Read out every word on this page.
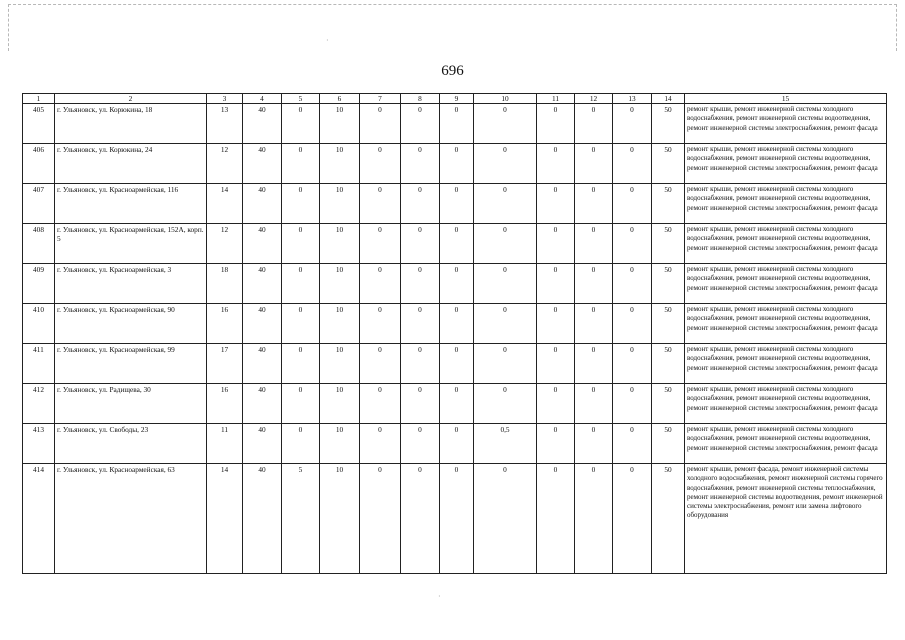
·
·
696
1	2	3	4	5	6	7	8	9	10	11	12	13	14	15
405	г. Ульяновск, ул. Корюкина, 18	13	40	0	10	0	0	0	0	0	0	0	50	ремонт крыши, ремонт инженерной системы холодного водоснабжения, ремонт инженерной системы водоотведения, ремонт инженерной системы электроснабжения, ремонт фасада
406	г. Ульяновск, ул. Корюкина, 24	12	40	0	10	0	0	0	0	0	0	0	50	ремонт крыши, ремонт инженерной системы холодного водоснабжения, ремонт инженерной системы водоотведения, ремонт инженерной системы электроснабжения, ремонт фасада
407	г. Ульяновск, ул. Красноармейская, 116	14	40	0	10	0	0	0	0	0	0	0	50	ремонт крыши, ремонт инженерной системы холодного водоснабжения, ремонт инженерной системы водоотведения, ремонт инженерной системы электроснабжения, ремонт фасада
408	г. Ульяновск, ул. Красноармейская, 152А, корп. 5	12	40	0	10	0	0	0	0	0	0	0	50	ремонт крыши, ремонт инженерной системы холодного водоснабжения, ремонт инженерной системы водоотведения, ремонт инженерной системы электроснабжения, ремонт фасада
409	г. Ульяновск, ул. Красноармейская, 3	18	40	0	10	0	0	0	0	0	0	0	50	ремонт крыши, ремонт инженерной системы холодного водоснабжения, ремонт инженерной системы водоотведения, ремонт инженерной системы электроснабжения, ремонт фасада
410	г. Ульяновск, ул. Красноармейская, 90	16	40	0	10	0	0	0	0	0	0	0	50	ремонт крыши, ремонт инженерной системы холодного водоснабжения, ремонт инженерной системы водоотведения, ремонт инженерной системы электроснабжения, ремонт фасада
411	г. Ульяновск, ул. Красноармейская, 99	17	40	0	10	0	0	0	0	0	0	0	50	ремонт крыши, ремонт инженерной системы холодного водоснабжения, ремонт инженерной системы водоотведения, ремонт инженерной системы электроснабжения, ремонт фасада
412	г. Ульяновск, ул. Радищева, 30	16	40	0	10	0	0	0	0	0	0	0	50	ремонт крыши, ремонт инженерной системы холодного водоснабжения, ремонт инженерной системы водоотведения, ремонт инженерной системы электроснабжения, ремонт фасада
413	г. Ульяновск, ул. Свободы, 23	11	40	0	10	0	0	0	0,5	0	0	0	50	ремонт крыши, ремонт инженерной системы холодного водоснабжения, ремонт инженерной системы водоотведения, ремонт инженерной системы электроснабжения, ремонт фасада
414	г. Ульяновск, ул. Красноармейская, 63	14	40	5	10	0	0	0	0	0	0	0	50	ремонт крыши, ремонт фасада, ремонт инженерной системы холодного водоснабжения, ремонт инженерной системы горячего водоснабжения, ремонт инженерной системы теплоснабжения, ремонт инженерной системы водоотведения, ремонт инженерной системы электроснабжения, ремонт или замена лифтового оборудования
